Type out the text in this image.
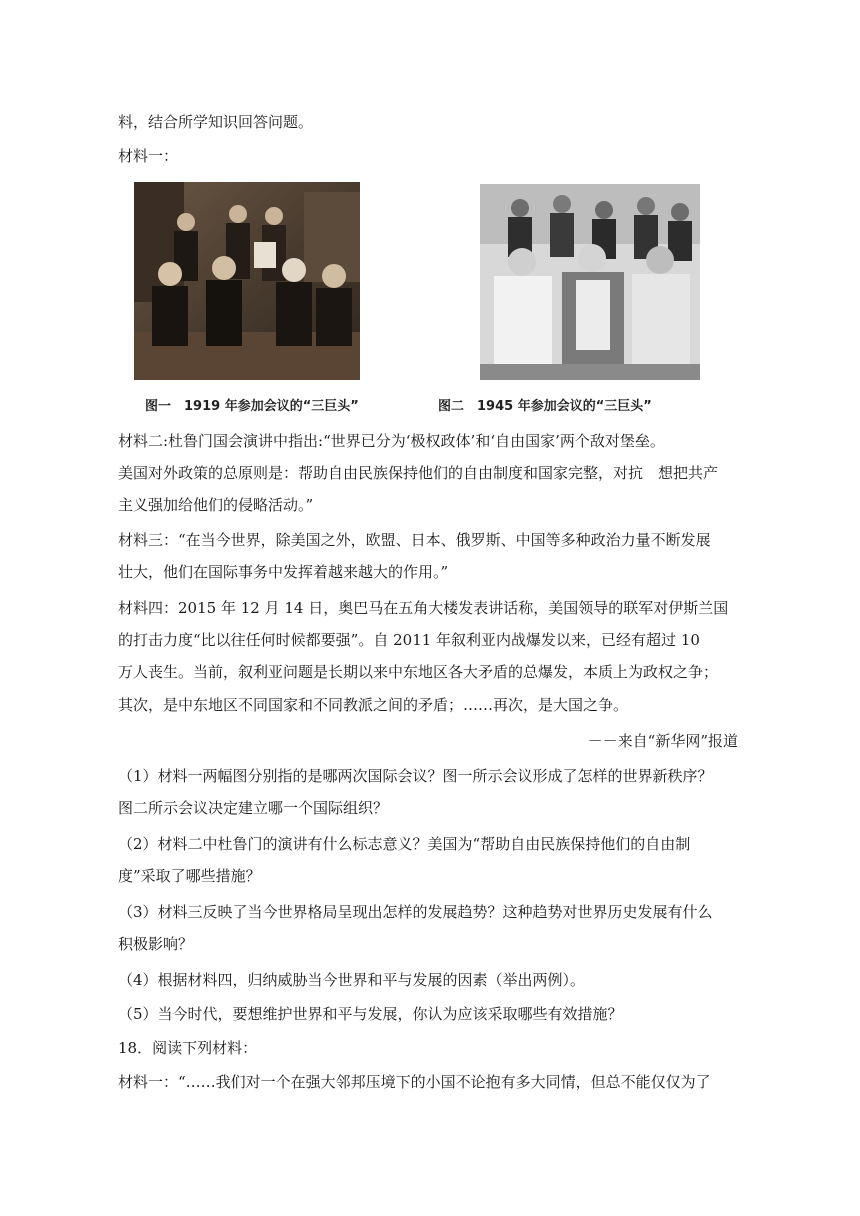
料，结合所学知识回答问题。
材料一：
图一　1919 年参加会议的“三巨头”	图二　1945 年参加会议的“三巨头”
材料二:杜鲁门国会演讲中指出:“世界已分为‘极权政体’和‘自由国家’两个敌对堡垒。
美国对外政策的总原则是：帮助自由民族保持他们的自由制度和国家完整，对抗　想把共产
主义强加给他们的侵略活动。”
材料三：“在当今世界，除美国之外，欧盟、日本、俄罗斯、中国等多种政治力量不断发展
壮大，他们在国际事务中发挥着越来越大的作用。”
材料四：2015 年 12 月 14 日，奥巴马在五角大楼发表讲话称，美国领导的联军对伊斯兰国
的打击力度“比以往任何时候都要强”。自 2011 年叙利亚内战爆发以来，已经有超过 10
万人丧生。当前，叙利亚问题是长期以来中东地区各大矛盾的总爆发，本质上为政权之争；
其次，是中东地区不同国家和不同教派之间的矛盾；……再次，是大国之争。
－－来自“新华网”报道
（1）材料一两幅图分别指的是哪两次国际会议？图一所示会议形成了怎样的世界新秩序？
图二所示会议决定建立哪一个国际组织？
（2）材料二中杜鲁门的演讲有什么标志意义？美国为“帮助自由民族保持他们的自由制
度”采取了哪些措施？
（3）材料三反映了当今世界格局呈现出怎样的发展趋势？这种趋势对世界历史发展有什么
积极影响？
（4）根据材料四，归纳威胁当今世界和平与发展的因素（举出两例）。
（5）当今时代，要想维护世界和平与发展，你认为应该采取哪些有效措施？
18．阅读下列材料：
材料一：“……我们对一个在强大邻邦压境下的小国不论抱有多大同情，但总不能仅仅为了
